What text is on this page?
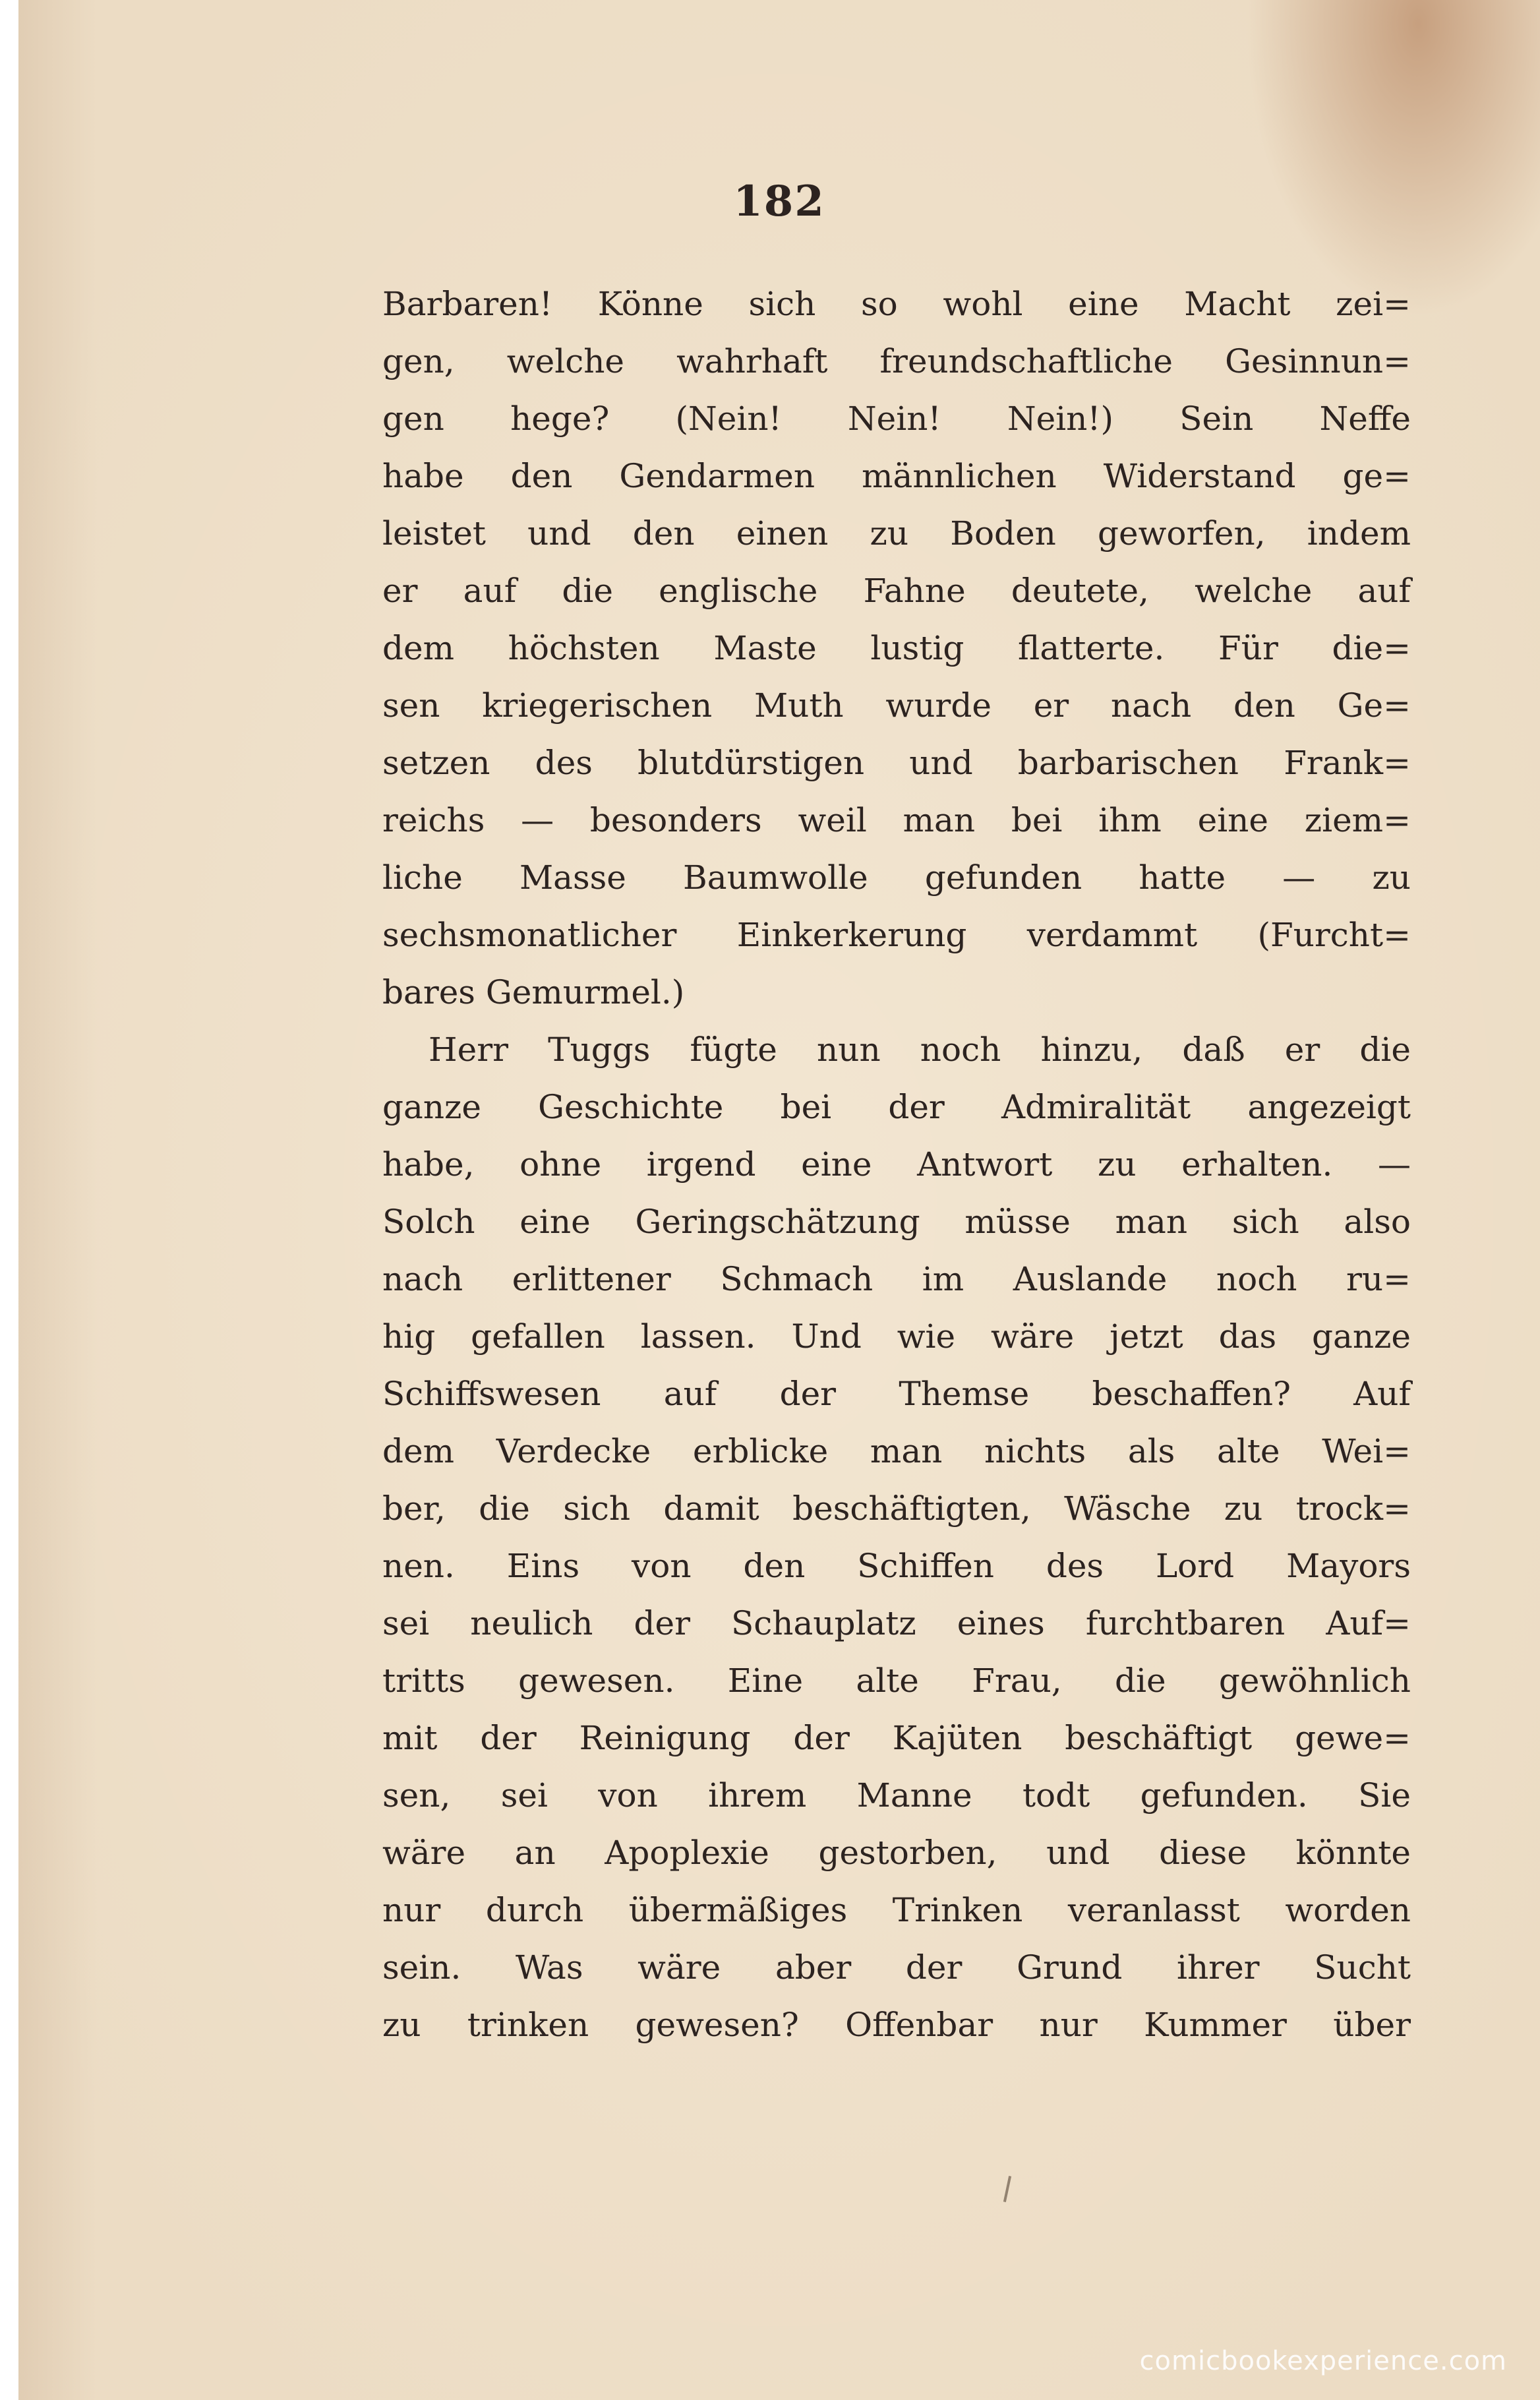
182
Barbaren! Könne sich so wohl eine Macht zei=
gen, welche wahrhaft freundschaftliche Gesinnun=
gen hege? (Nein! Nein! Nein!) Sein Neffe
habe den Gendarmen männlichen Widerstand ge=
leistet und den einen zu Boden geworfen, indem
er auf die englische Fahne deutete, welche auf
dem höchsten Maste lustig flatterte. Für die=
sen kriegerischen Muth wurde er nach den Ge=
setzen des blutdürstigen und barbarischen Frank=
reichs — besonders weil man bei ihm eine ziem=
liche Masse Baumwolle gefunden hatte — zu
sechsmonatlicher Einkerkerung verdammt (Furcht=
bares Gemurmel.)
Herr Tuggs fügte nun noch hinzu, daß er die
ganze Geschichte bei der Admiralität angezeigt
habe, ohne irgend eine Antwort zu erhalten. —
Solch eine Geringschätzung müsse man sich also
nach erlittener Schmach im Auslande noch ru=
hig gefallen lassen. Und wie wäre jetzt das ganze
Schiffswesen auf der Themse beschaffen? Auf
dem Verdecke erblicke man nichts als alte Wei=
ber, die sich damit beschäftigten, Wäsche zu trock=
nen. Eins von den Schiffen des Lord Mayors
sei neulich der Schauplatz eines furchtbaren Auf=
tritts gewesen. Eine alte Frau, die gewöhnlich
mit der Reinigung der Kajüten beschäftigt gewe=
sen, sei von ihrem Manne todt gefunden. Sie
wäre an Apoplexie gestorben, und diese könnte
nur durch übermäßiges Trinken veranlasst worden
sein. Was wäre aber der Grund ihrer Sucht
zu trinken gewesen? Offenbar nur Kummer über
comicbookexperience.com
